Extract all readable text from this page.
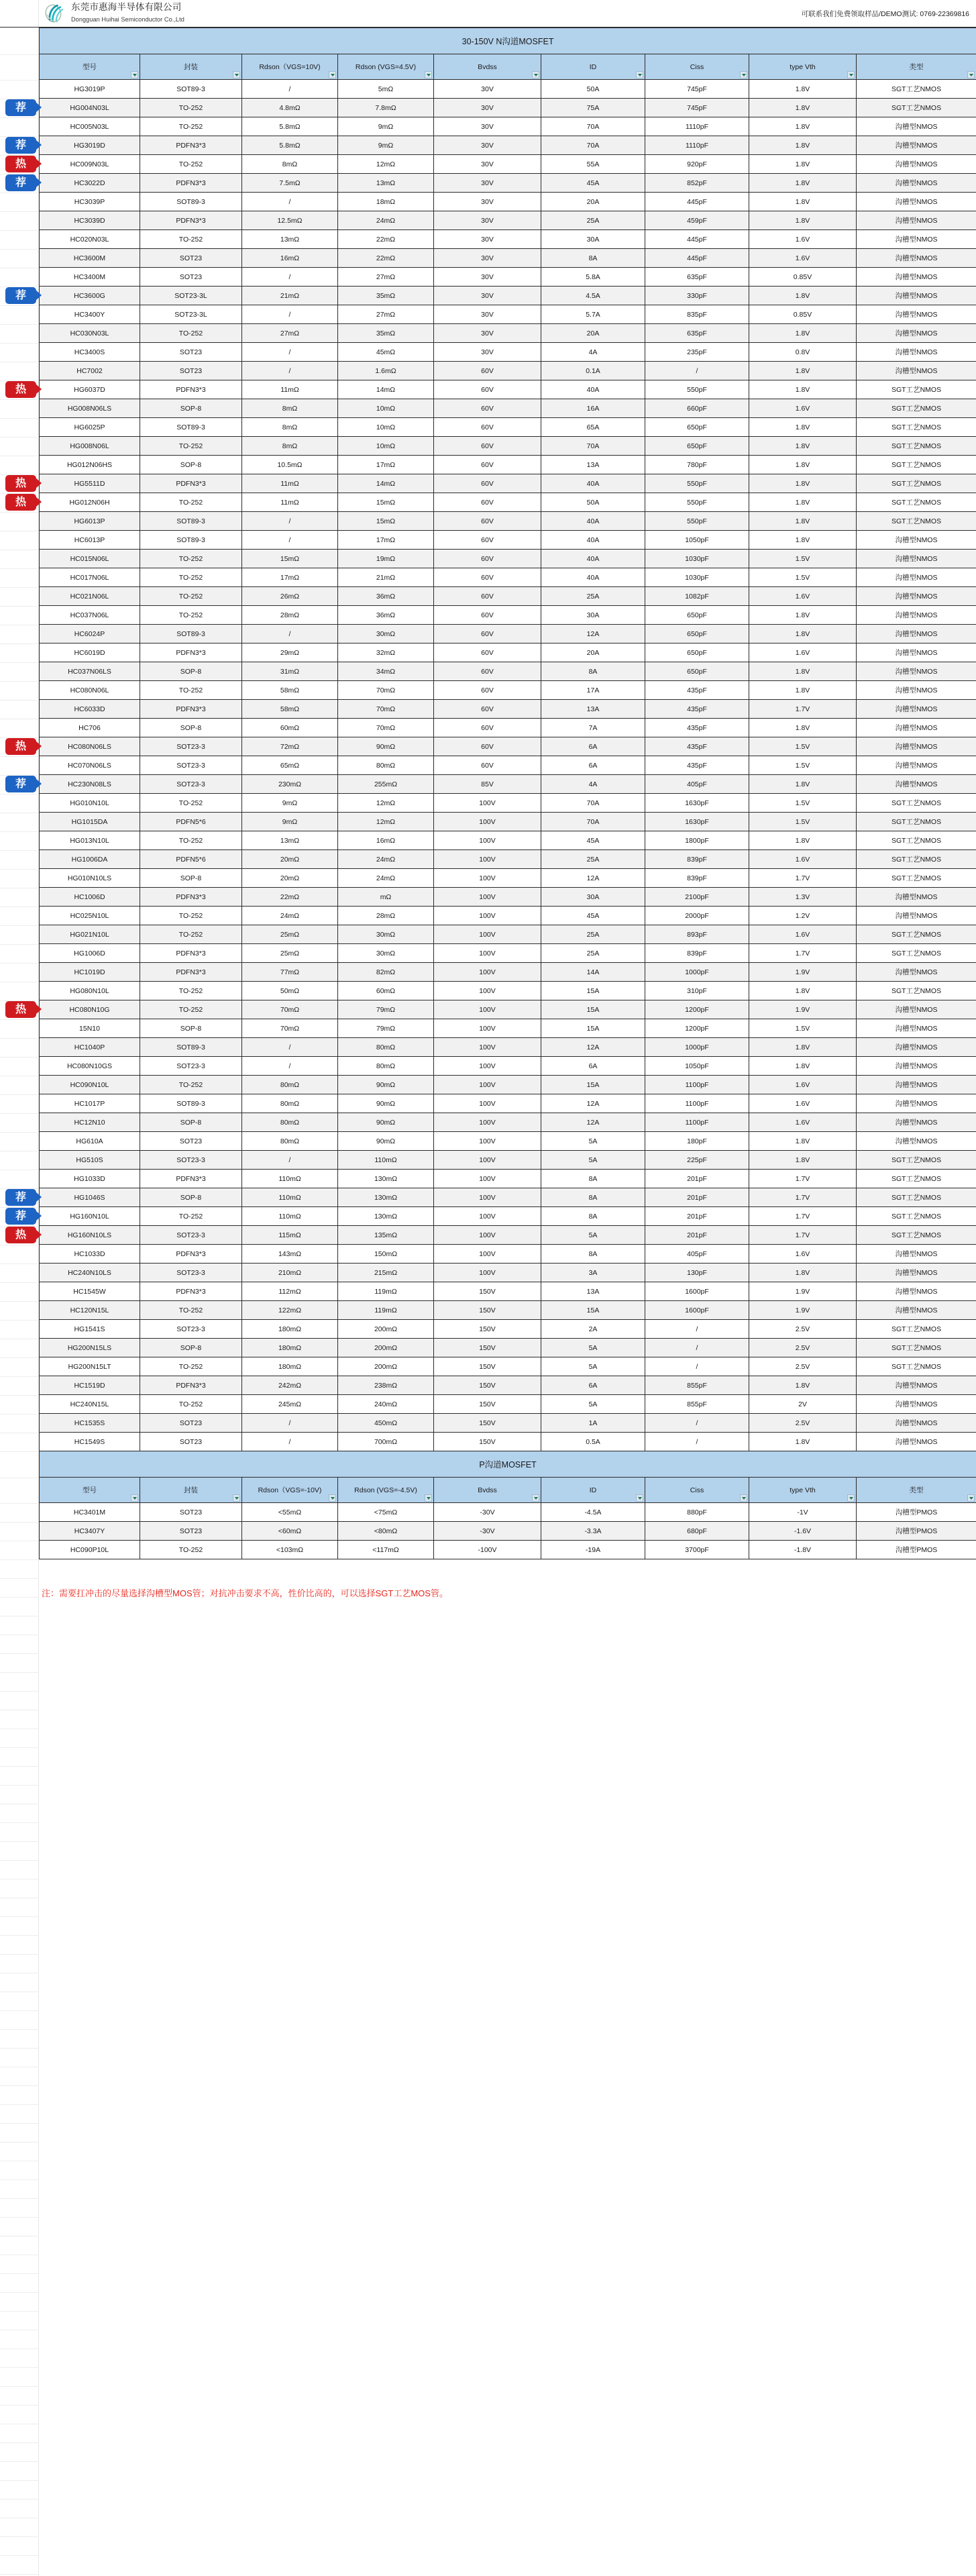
东莞市惠海半导体有限公司
Dongguan Huihai Semiconductor Co.,Ltd
可联系我们免费领取样品/DEMO测试: 0769-22369816
30-150V N沟道MOSFET								
型号	封装	Rdson（VGS=10V)	Rdson (VGS=4.5V)	Bvdss	ID	Ciss	type Vth	类型

HG3019P	SOT89-3	/	5mΩ	30V	50A	745pF	1.8V	SGT工艺NMOS
HG004N03L	TO-252	4.8mΩ	7.8mΩ	30V	75A	745pF	1.8V	SGT工艺NMOS
HC005N03L	TO-252	5.8mΩ	9mΩ	30V	70A	1110pF	1.8V	沟槽型NMOS
HG3019D	PDFN3*3	5.8mΩ	9mΩ	30V	70A	1110pF	1.8V	沟槽型NMOS
HC009N03L	TO-252	8mΩ	12mΩ	30V	55A	920pF	1.8V	沟槽型NMOS
HC3022D	PDFN3*3	7.5mΩ	13mΩ	30V	45A	852pF	1.8V	沟槽型NMOS
HC3039P	SOT89-3	/	18mΩ	30V	20A	445pF	1.8V	沟槽型NMOS
HC3039D	PDFN3*3	12.5mΩ	24mΩ	30V	25A	459pF	1.8V	沟槽型NMOS
HC020N03L	TO-252	13mΩ	22mΩ	30V	30A	445pF	1.6V	沟槽型NMOS
HC3600M	SOT23	16mΩ	22mΩ	30V	8A	445pF	1.6V	沟槽型NMOS
HC3400M	SOT23	/	27mΩ	30V	5.8A	635pF	0.85V	沟槽型NMOS
HC3600G	SOT23-3L	21mΩ	35mΩ	30V	4.5A	330pF	1.8V	沟槽型NMOS
HC3400Y	SOT23-3L	/	27mΩ	30V	5.7A	835pF	0.85V	沟槽型NMOS
HC030N03L	TO-252	27mΩ	35mΩ	30V	20A	635pF	1.8V	沟槽型NMOS
HC3400S	SOT23	/	45mΩ	30V	4A	235pF	0.8V	沟槽型NMOS
HC7002	SOT23	/	1.6mΩ	60V	0.1A	/	1.8V	沟槽型NMOS
HG6037D	PDFN3*3	11mΩ	14mΩ	60V	40A	550pF	1.8V	SGT工艺NMOS
HG008N06LS	SOP-8	8mΩ	10mΩ	60V	16A	660pF	1.6V	SGT工艺NMOS
HG6025P	SOT89-3	8mΩ	10mΩ	60V	65A	650pF	1.8V	SGT工艺NMOS
HG008N06L	TO-252	8mΩ	10mΩ	60V	70A	650pF	1.8V	SGT工艺NMOS
HG012N06HS	SOP-8	10.5mΩ	17mΩ	60V	13A	780pF	1.8V	SGT工艺NMOS
HG5511D	PDFN3*3	11mΩ	14mΩ	60V	40A	550pF	1.8V	SGT工艺NMOS
HG012N06H	TO-252	11mΩ	15mΩ	60V	50A	550pF	1.8V	SGT工艺NMOS
HG6013P	SOT89-3	/	15mΩ	60V	40A	550pF	1.8V	SGT工艺NMOS
HC6013P	SOT89-3	/	17mΩ	60V	40A	1050pF	1.8V	沟槽型NMOS
HC015N06L	TO-252	15mΩ	19mΩ	60V	40A	1030pF	1.5V	沟槽型NMOS
HC017N06L	TO-252	17mΩ	21mΩ	60V	40A	1030pF	1.5V	沟槽型NMOS
HC021N06L	TO-252	26mΩ	36mΩ	60V	25A	1082pF	1.6V	沟槽型NMOS
HC037N06L	TO-252	28mΩ	36mΩ	60V	30A	650pF	1.8V	沟槽型NMOS
HC6024P	SOT89-3	/	30mΩ	60V	12A	650pF	1.8V	沟槽型NMOS
HC6019D	PDFN3*3	29mΩ	32mΩ	60V	20A	650pF	1.6V	沟槽型NMOS
HC037N06LS	SOP-8	31mΩ	34mΩ	60V	8A	650pF	1.8V	沟槽型NMOS
HC080N06L	TO-252	58mΩ	70mΩ	60V	17A	435pF	1.8V	沟槽型NMOS
HC6033D	PDFN3*3	58mΩ	70mΩ	60V	13A	435pF	1.7V	沟槽型NMOS
HC706	SOP-8	60mΩ	70mΩ	60V	7A	435pF	1.8V	沟槽型NMOS
HC080N06LS	SOT23-3	72mΩ	90mΩ	60V	6A	435pF	1.5V	沟槽型NMOS
HC070N06LS	SOT23-3	65mΩ	80mΩ	60V	6A	435pF	1.5V	沟槽型NMOS
HC230N08LS	SOT23-3	230mΩ	255mΩ	85V	4A	405pF	1.8V	沟槽型NMOS
HG010N10L	TO-252	9mΩ	12mΩ	100V	70A	1630pF	1.5V	SGT工艺NMOS
HG1015DA	PDFN5*6	9mΩ	12mΩ	100V	70A	1630pF	1.5V	SGT工艺NMOS
HG013N10L	TO-252	13mΩ	16mΩ	100V	45A	1800pF	1.8V	SGT工艺NMOS
HG1006DA	PDFN5*6	20mΩ	24mΩ	100V	25A	839pF	1.6V	SGT工艺NMOS
HG010N10LS	SOP-8	20mΩ	24mΩ	100V	12A	839pF	1.7V	SGT工艺NMOS
HC1006D	PDFN3*3	22mΩ	mΩ	100V	30A	2100pF	1.3V	沟槽型NMOS
HC025N10L	TO-252	24mΩ	28mΩ	100V	45A	2000pF	1.2V	沟槽型NMOS
HG021N10L	TO-252	25mΩ	30mΩ	100V	25A	893pF	1.6V	SGT工艺NMOS
HG1006D	PDFN3*3	25mΩ	30mΩ	100V	25A	839pF	1.7V	SGT工艺NMOS
HC1019D	PDFN3*3	77mΩ	82mΩ	100V	14A	1000pF	1.9V	沟槽型NMOS
HG080N10L	TO-252	50mΩ	60mΩ	100V	15A	310pF	1.8V	SGT工艺NMOS
HC080N10G	TO-252	70mΩ	79mΩ	100V	15A	1200pF	1.9V	沟槽型NMOS
15N10	SOP-8	70mΩ	79mΩ	100V	15A	1200pF	1.5V	沟槽型NMOS
HC1040P	SOT89-3	/	80mΩ	100V	12A	1000pF	1.8V	沟槽型NMOS
HC080N10GS	SOT23-3	/	80mΩ	100V	6A	1050pF	1.8V	沟槽型NMOS
HC090N10L	TO-252	80mΩ	90mΩ	100V	15A	1100pF	1.6V	沟槽型NMOS
HC1017P	SOT89-3	80mΩ	90mΩ	100V	12A	1100pF	1.6V	沟槽型NMOS
HC12N10	SOP-8	80mΩ	90mΩ	100V	12A	1100pF	1.6V	沟槽型NMOS
HG610A	SOT23	80mΩ	90mΩ	100V	5A	180pF	1.8V	沟槽型NMOS
HG510S	SOT23-3	/	110mΩ	100V	5A	225pF	1.8V	SGT工艺NMOS
HG1033D	PDFN3*3	110mΩ	130mΩ	100V	8A	201pF	1.7V	SGT工艺NMOS
HG1046S	SOP-8	110mΩ	130mΩ	100V	8A	201pF	1.7V	SGT工艺NMOS
HG160N10L	TO-252	110mΩ	130mΩ	100V	8A	201pF	1.7V	SGT工艺NMOS
HG160N10LS	SOT23-3	115mΩ	135mΩ	100V	5A	201pF	1.7V	SGT工艺NMOS
HC1033D	PDFN3*3	143mΩ	150mΩ	100V	8A	405pF	1.6V	沟槽型NMOS
HC240N10LS	SOT23-3	210mΩ	215mΩ	100V	3A	130pF	1.8V	沟槽型NMOS
HC1545W	PDFN3*3	112mΩ	119mΩ	150V	13A	1600pF	1.9V	沟槽型NMOS
HC120N15L	TO-252	122mΩ	119mΩ	150V	15A	1600pF	1.9V	沟槽型NMOS
HG1541S	SOT23-3	180mΩ	200mΩ	150V	2A	/	2.5V	SGT工艺NMOS
HG200N15LS	SOP-8	180mΩ	200mΩ	150V	5A	/	2.5V	SGT工艺NMOS
HG200N15LT	TO-252	180mΩ	200mΩ	150V	5A	/	2.5V	SGT工艺NMOS
HC1519D	PDFN3*3	242mΩ	238mΩ	150V	6A	855pF	1.8V	沟槽型NMOS
HC240N15L	TO-252	245mΩ	240mΩ	150V	5A	855pF	2V	沟槽型NMOS
HC1535S	SOT23	/	450mΩ	150V	1A	/	2.5V	沟槽型NMOS
HC1549S	SOT23	/	700mΩ	150V	0.5A	/	1.8V	沟槽型NMOS
P沟道MOSFET								
型号	封装	Rdson（VGS=-10V)	Rdson (VGS=-4.5V)	Bvdss	ID	Ciss	type Vth	类型

HC3401M	SOT23	<55mΩ	<75mΩ	-30V	-4.5A	880pF	-1V	沟槽型PMOS
HC3407Y	SOT23	<60mΩ	<80mΩ	-30V	-3.3A	680pF	-1.6V	沟槽型PMOS
HC090P10L	TO-252	<103mΩ	<117mΩ	-100V	-19A	3700pF	-1.8V	沟槽型PMOS
注：需要扛冲击的尽量选择沟槽型MOS管；对抗冲击要求不高，性价比高的，可以选择SGT工艺MOS管。
荐
荐
热
荐
荐
热
热
热
热
荐
热
荐
荐
热
